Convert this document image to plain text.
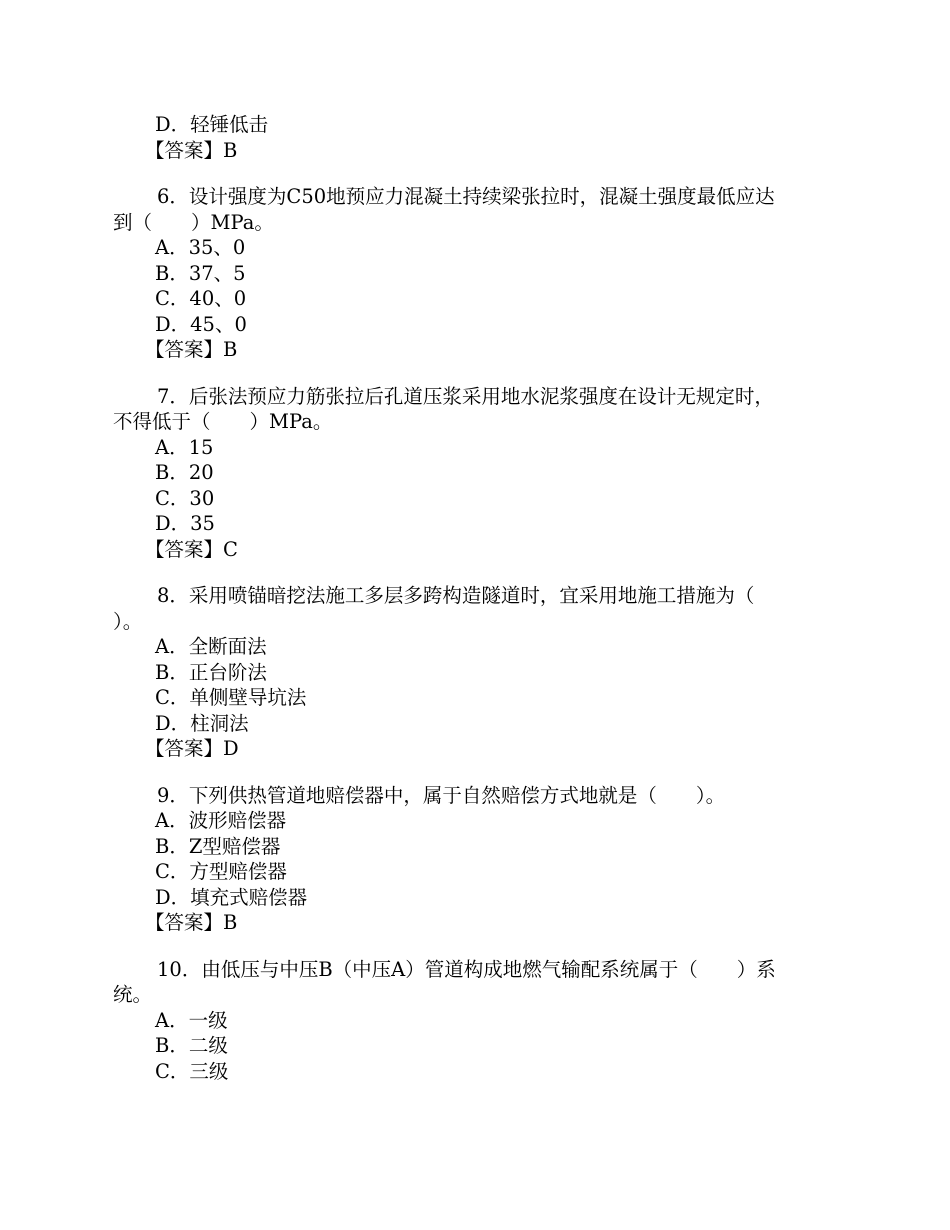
D．轻锤低击
【答案】B
6．设计强度为C50地预应力混凝土持续梁张拉时，混凝土强度最低应达
到（　　）MPa。
A．35、0
B．37、5
C．40、0
D．45、0
【答案】B
7．后张法预应力筋张拉后孔道压浆采用地水泥浆强度在设计无规定时，
不得低于（　　）MPa。
A．15
B．20
C．30
D．35
【答案】C
8．采用喷锚暗挖法施工多层多跨构造隧道时，宜采用地施工措施为（
）。
A．全断面法
B．正台阶法
C．单侧壁导坑法
D．柱洞法
【答案】D
9．下列供热管道地赔偿器中，属于自然赔偿方式地就是（　　）。
A．波形赔偿器
B．Z型赔偿器
C．方型赔偿器
D．填充式赔偿器
【答案】B
10．由低压与中压B（中压A）管道构成地燃气输配系统属于（　　）系
统。
A．一级
B．二级
C．三级
